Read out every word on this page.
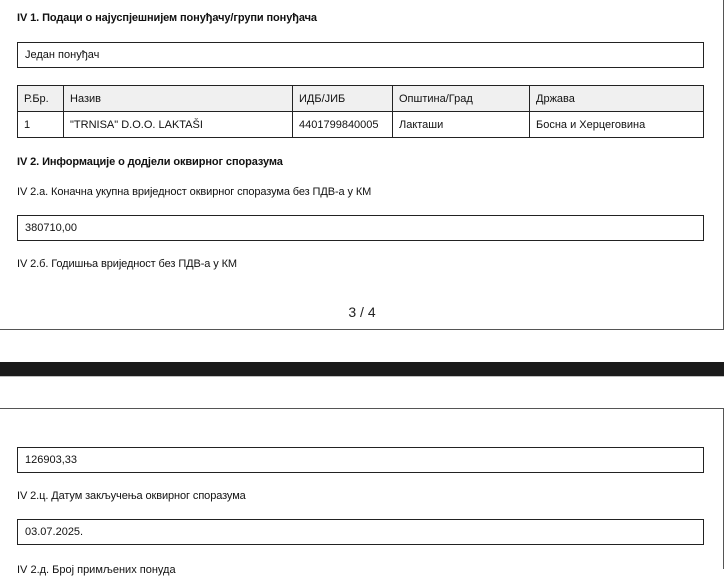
IV 1. Подаци о најуспјешнијем понуђачу/групи понуђача
Један понуђач
Р.Бр.	Назив	ИДБ/ЈИБ	Општина/Град	Држава
1	"TRNISA" D.O.O. LAKTAŠI	4401799840005	Лакташи	Босна и Херцеговина
IV 2. Информације о додјели оквирног споразума
IV 2.а. Коначна укупна вриједност оквирног споразума без ПДВ-а у КМ
380710,00
IV 2.б. Годишња вриједност без ПДВ-а у КМ
3 / 4
126903,33
IV 2.ц. Датум закључења оквирног споразума
03.07.2025.
IV 2.д. Број примљених понуда
